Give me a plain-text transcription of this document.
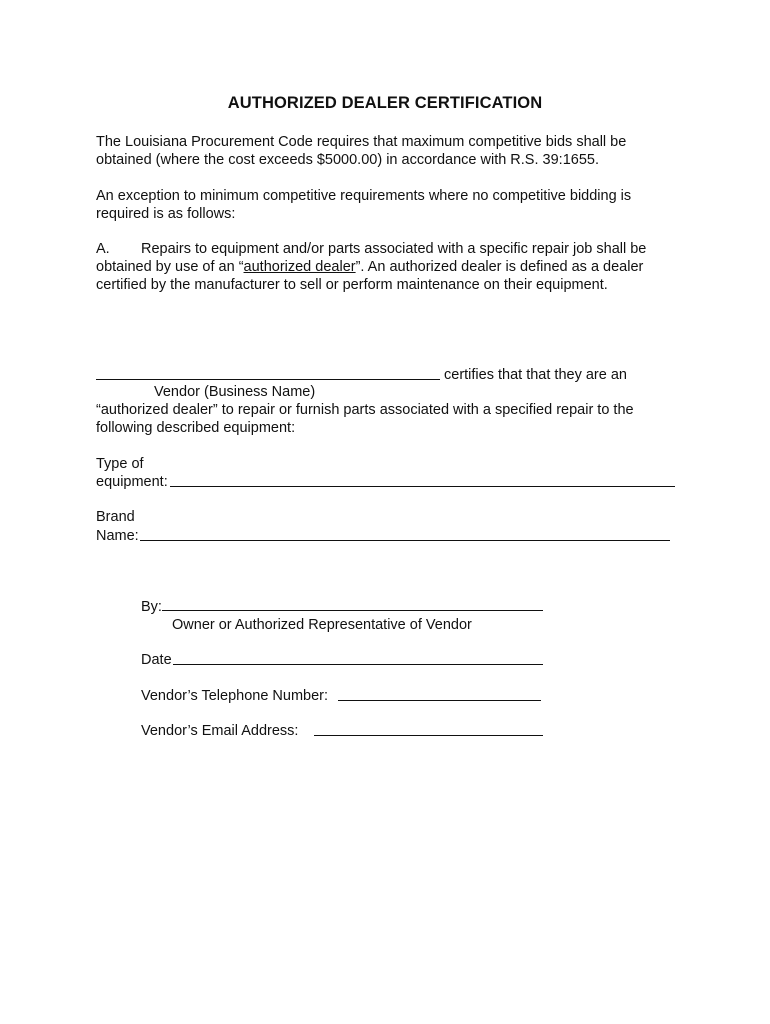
AUTHORIZED DEALER CERTIFICATION
The Louisiana Procurement Code requires that maximum competitive bids shall be
obtained (where the cost exceeds $5000.00) in accordance with R.S. 39:1655.
An exception to minimum competitive requirements where no competitive bidding is
required is as follows:
A. Repairs to equipment and/or parts associated with a specific repair job shall be
obtained by use of an “authorized dealer”. An authorized dealer is defined as a dealer
certified by the manufacturer to sell or perform maintenance on their equipment.
certifies that that they are an
Vendor (Business Name)
“authorized dealer” to repair or furnish parts associated with a specified repair to the
following described equipment:
Type of
equipment:
Brand
Name:
By:
Owner or Authorized Representative of Vendor
Date
Vendor’s Telephone Number:
Vendor’s Email Address:
